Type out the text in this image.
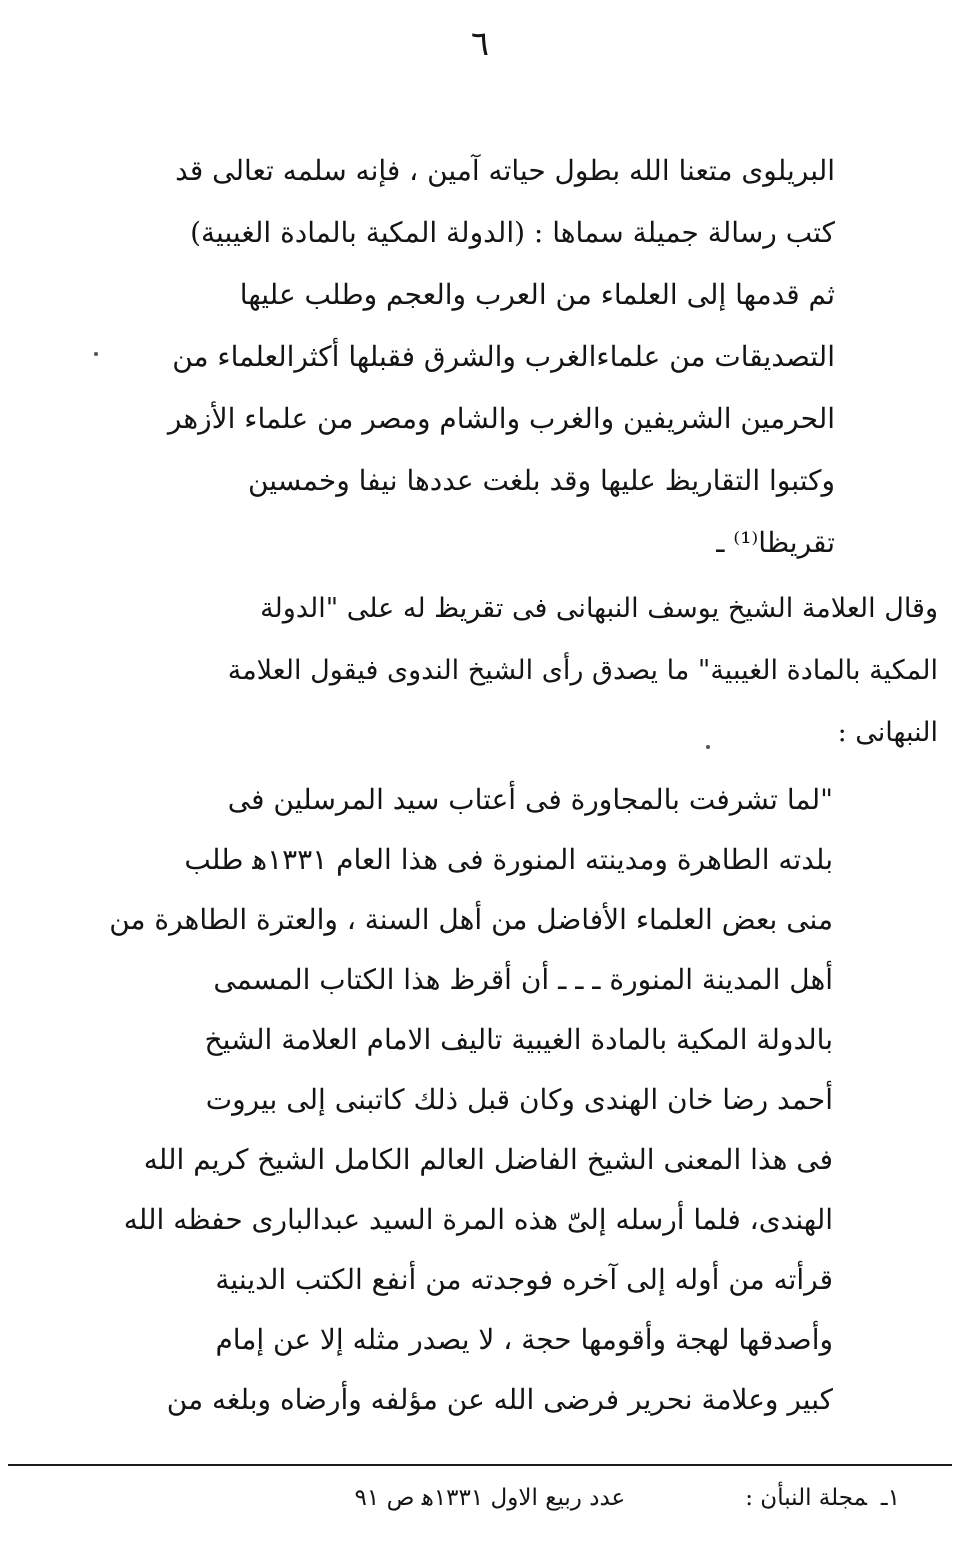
٦
البريلوى متعنا الله بطول حياته آمين ، فإنه سلمه تعالى قد
كتب رسالة جميلة سماها : (الدولة المكية بالمادة الغيبية)
ثم قدمها إلى العلماء من العرب والعجم وطلب عليها
التصديقات من علماءالغرب والشرق فقبلها أكثرالعلماء من
الحرمين الشريفين والغرب والشام ومصر من علماء الأزهر
وكتبوا التقاريظ عليها وقد بلغت عددها نيفا وخمسين
تقريظا⁽¹⁾ ـ
وقال العلامة الشيخ يوسف النبهانى فى تقريظ له على "الدولة
المكية بالمادة الغيبية" ما يصدق رأى الشيخ الندوى فيقول العلامة
النبهانى :
"لما تشرفت بالمجاورة فى أعتاب سيد المرسلين فى
بلدته الطاهرة ومدينته المنورة فى هذا العام ١٣٣١ﻫ طلب
منى بعض العلماء الأفاضل من أهل السنة ، والعترة الطاهرة من
أهل المدينة المنورة ـ ـ ـ أن أقرظ هذا الكتاب المسمى
بالدولة المكية بالمادة الغيبية تاليف الامام العلامة الشيخ
أحمد رضا خان الهندى وكان قبل ذلك كاتبنى إلى بيروت
فى هذا المعنى الشيخ الفاضل العالم الكامل الشيخ كريم الله
الهندى، فلما أرسله إلىّ هذه المرة السيد عبدالبارى حفظه الله
قرأته من أوله إلى آخره فوجدته من أنفع الكتب الدينية
وأصدقها لهجة وأقومها حجة ، لا يصدر مثله إلا عن إمام
كبير وعلامة نحرير فرضى الله عن مؤلفه وأرضاه وبلغه من
١ـمجلة النبأن :عدد ربيع الاول ١٣٣١ﻫ ص ٩١
